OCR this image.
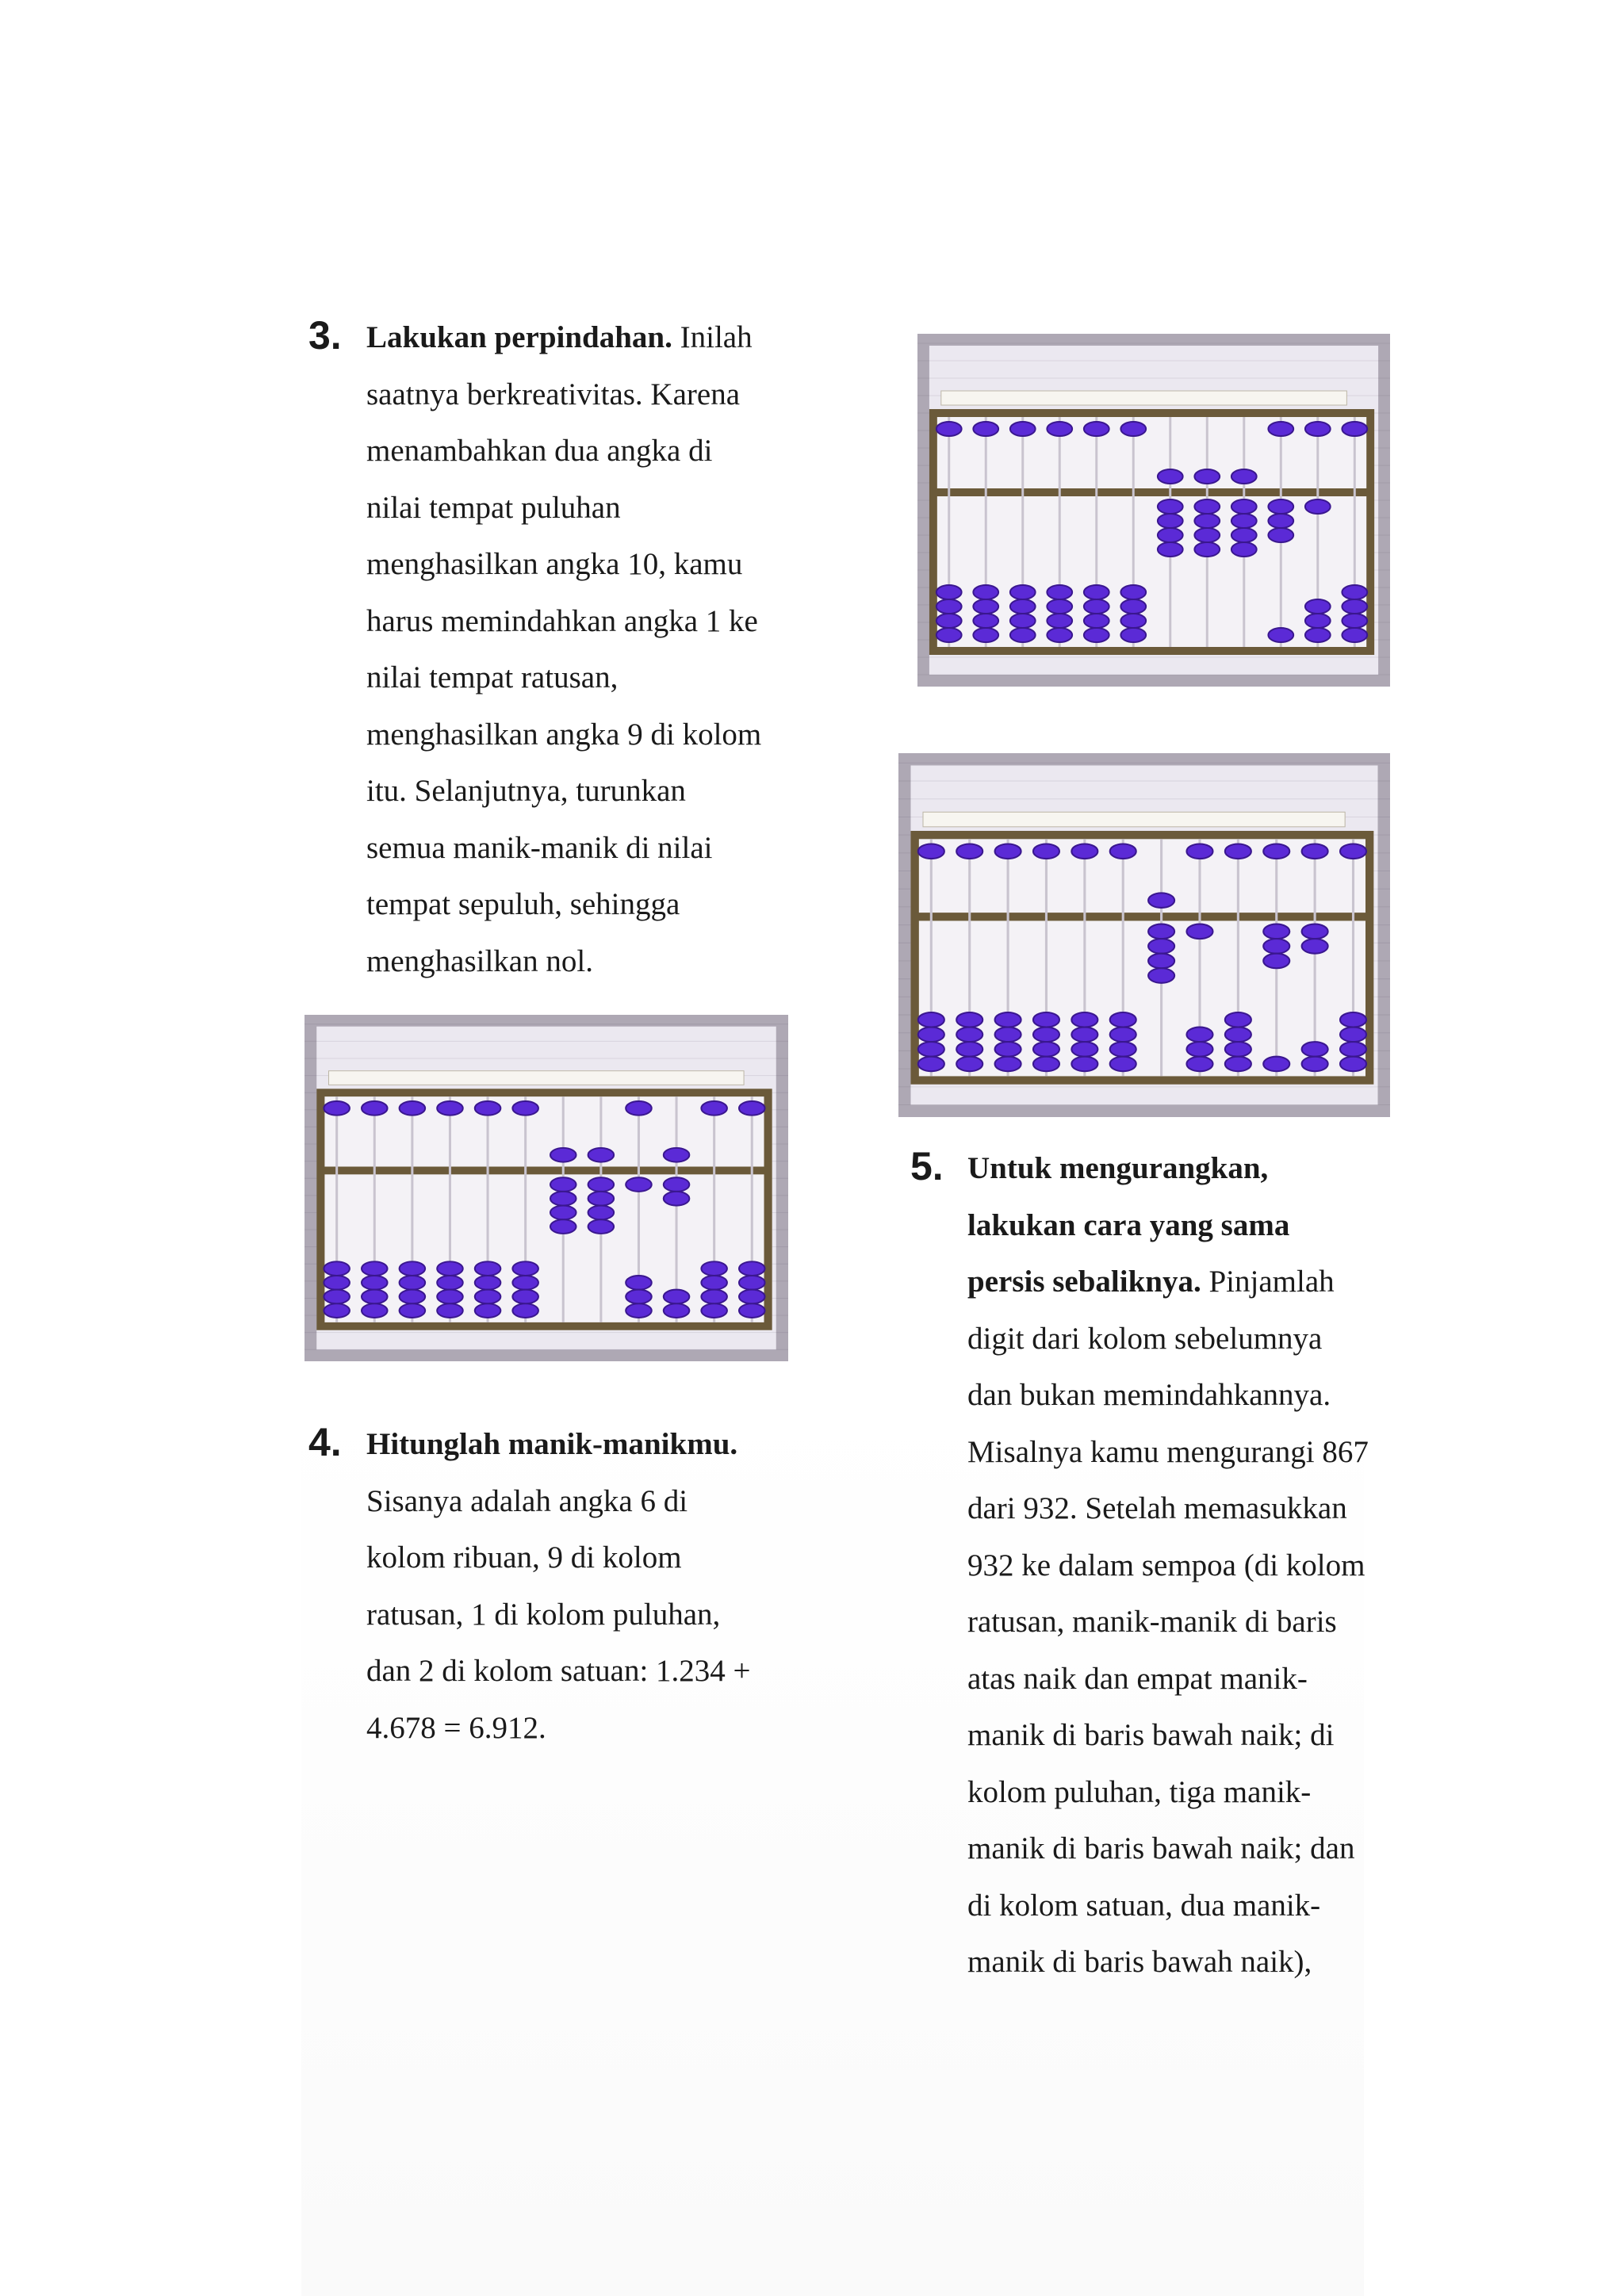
3. Lakukan perpindahan. Inilah
saatnya berkreativitas. Karena
menambahkan dua angka di
nilai tempat puluhan
menghasilkan angka 10, kamu
harus memindahkan angka 1 ke
nilai tempat ratusan,
menghasilkan angka 9 di kolom
itu. Selanjutnya, turunkan
semua manik-manik di nilai
tempat sepuluh, sehingga
menghasilkan nol.
4. Hitunglah manik-manikmu.
Sisanya adalah angka 6 di
kolom ribuan, 9 di kolom
ratusan, 1 di kolom puluhan,
dan 2 di kolom satuan: 1.234 +
4.678 = 6.912.
5. Untuk mengurangkan,
lakukan cara yang sama
persis sebaliknya. Pinjamlah
digit dari kolom sebelumnya
dan bukan memindahkannya.
Misalnya kamu mengurangi 867
dari 932. Setelah memasukkan
932 ke dalam sempoa (di kolom
ratusan, manik-manik di baris
atas naik dan empat manik-
manik di baris bawah naik; di
kolom puluhan, tiga manik-
manik di baris bawah naik; dan
di kolom satuan, dua manik-
manik di baris bawah naik),
